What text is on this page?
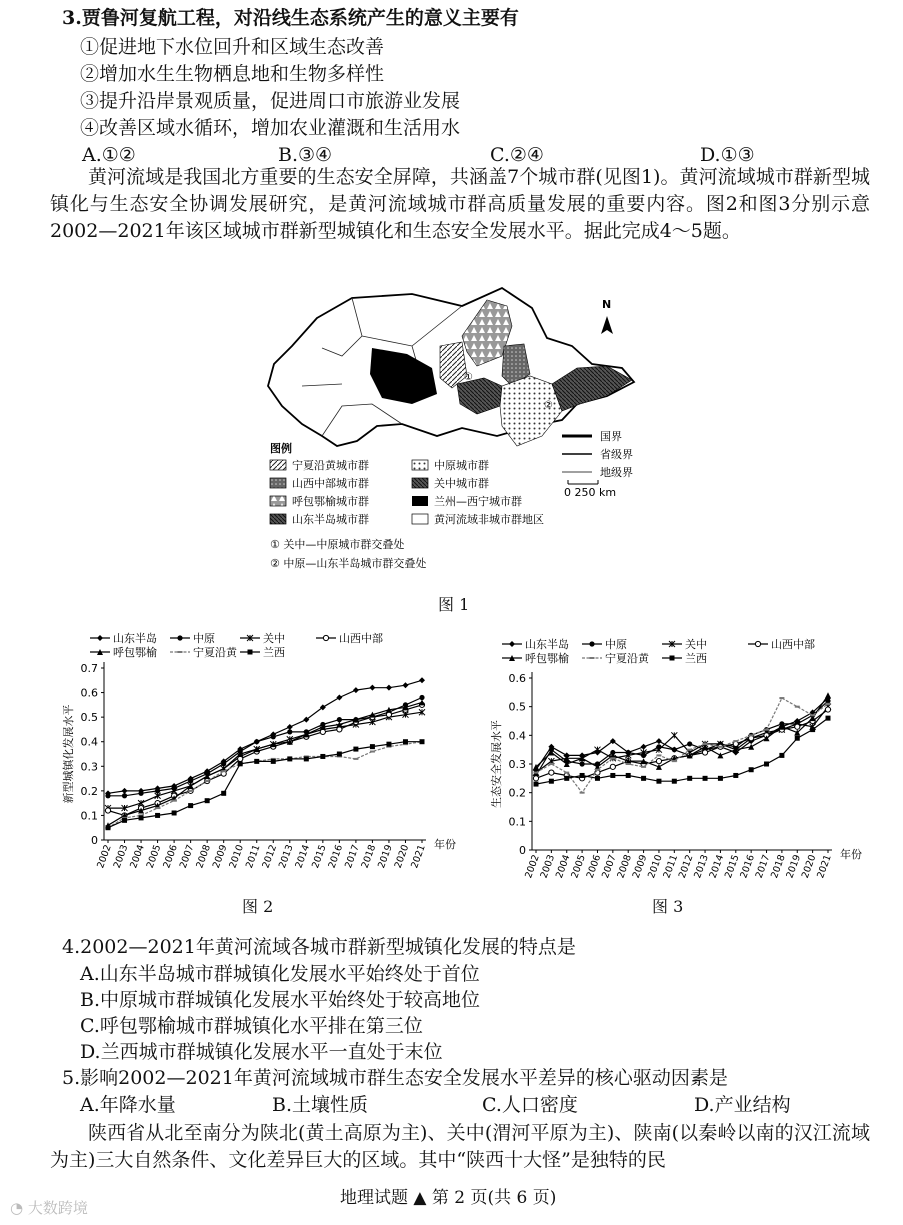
3.贾鲁河复航工程，对沿线生态系统产生的意义主要有
①促进地下水位回升和区域生态改善
②增加水生生物栖息地和生物多样性
③提升沿岸景观质量，促进周口市旅游业发展
④改善区域水循环，增加农业灌溉和生活用水
A.①②	B.③④	C.②④	D.①③
黄河流域是我国北方重要的生态安全屏障，共涵盖7个城市群(见图1)。黄河流域城市群新型城镇化与生态安全协调发展研究，是黄河流域城市群高质量发展的重要内容。图2和图3分别示意2002—2021年该区域城市群新型城镇化和生态安全发展水平。据此完成4～5题。
①
②
N
图例
宁夏沿黄城市群
山西中部城市群
呼包鄂榆城市群
山东半岛城市群
中原城市群
关中城市群
兰州—西宁城市群
黄河流域非城市群地区
国界
省级界
地级界
0 250 km
① 关中—中原城市群交叠处
② 中原—山东半岛城市群交叠处
图 1
0
0.1
0.2
0.3
0.4
0.5
0.6
0.7
2002
2003
2004
2005
2006
2007
2008
2009
2010
2011
2012
2013
2014
2015
2016
2017
2018
2019
2020
2021 年份
新型城镇化发展水平
山东半岛	中原	关中	山西中部
呼包鄂榆	宁夏沿黄 兰西
图 2
0
0.1
0.2
0.3
0.4
0.5
0.6
2002
2003
2004
2005
2006
2007
2008
2009
2010
2011
2012
2013
2014
2015
2016
2017
2018
2019
2020
2021 年份
生态安全发展水平
山东半岛	中原	关中	山西中部
呼包鄂榆	宁夏沿黄	兰西
图 3
4.2002—2021年黄河流域各城市群新型城镇化发展的特点是
A.山东半岛城市群城镇化发展水平始终处于首位
B.中原城市群城镇化发展水平始终处于较高地位
C.呼包鄂榆城市群城镇化水平排在第三位
D.兰西城市群城镇化发展水平一直处于末位
5.影响2002—2021年黄河流域城市群生态安全发展水平差异的核心驱动因素是
A.年降水量	B.土壤性质	C.人口密度	D.产业结构
陕西省从北至南分为陕北(黄土高原为主)、关中(渭河平原为主)、陕南(以秦岭以南的汉江流域为主)三大自然条件、文化差异巨大的区域。其中“陕西十大怪”是独特的民
地理试题 ▲ 第 2 页(共 6 页)
◔ 大数跨境
